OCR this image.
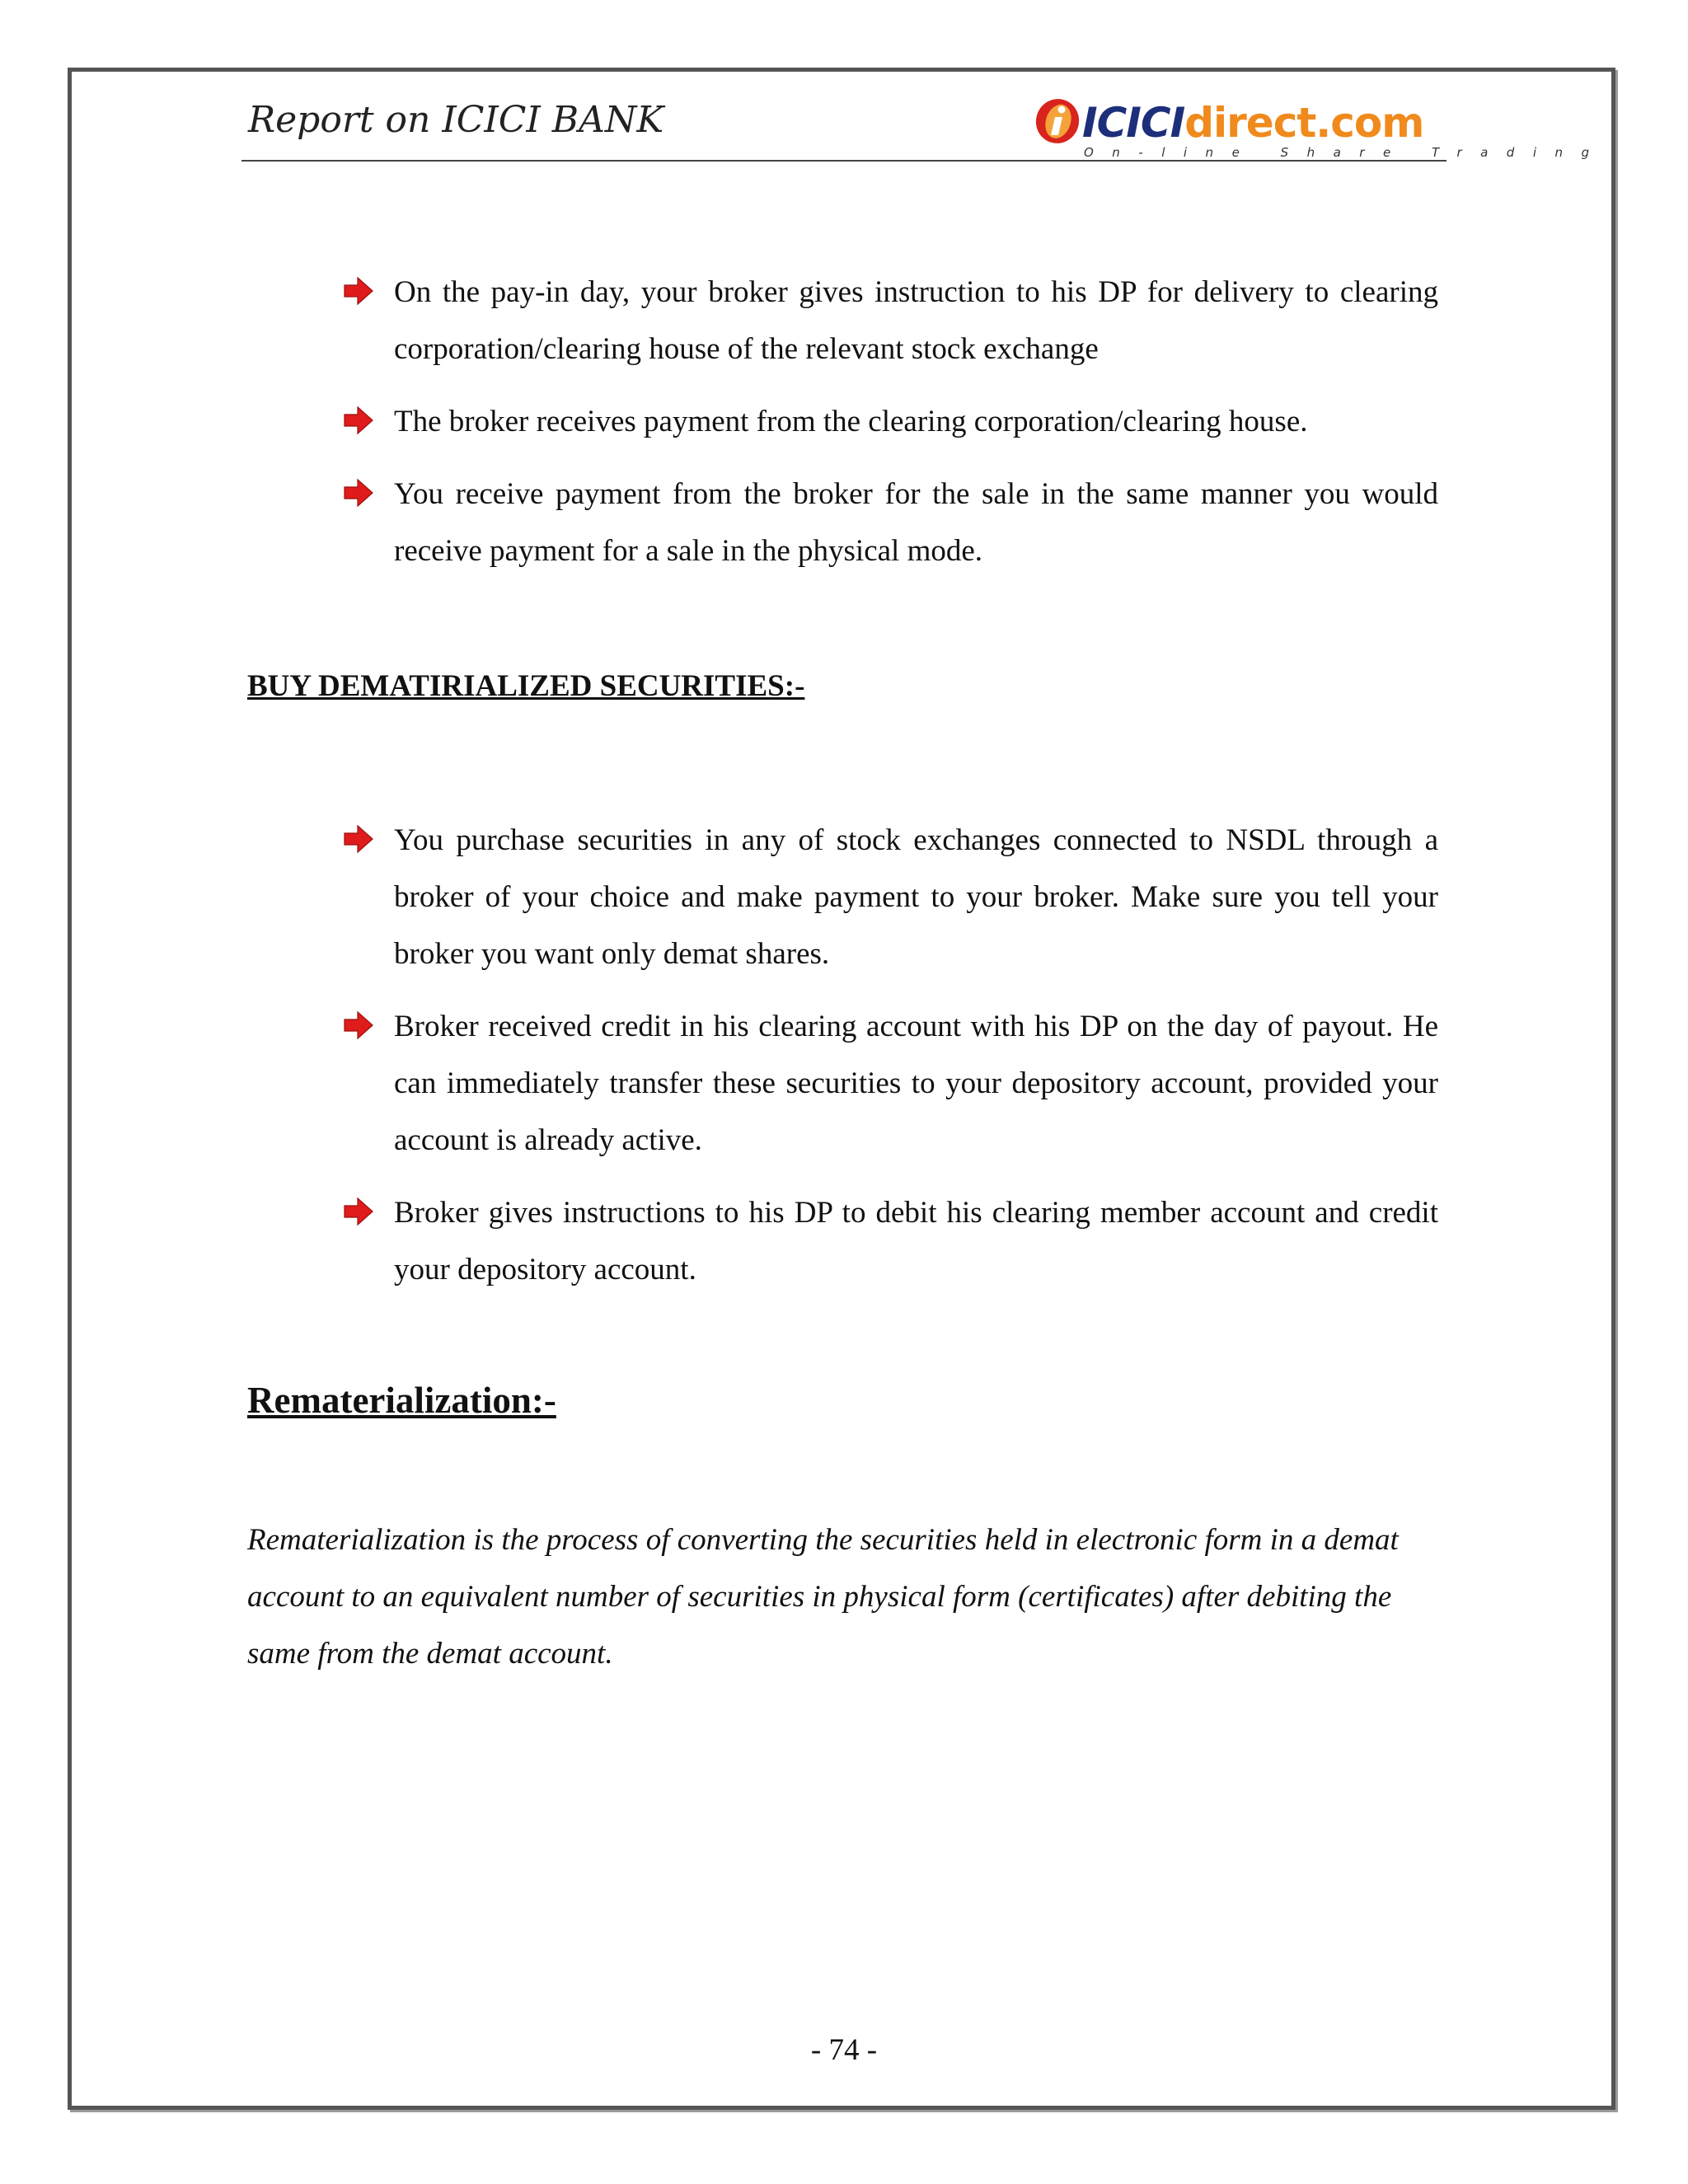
Report on ICICI BANK	ICICIdirect.com
On-line Share Trading
On the pay-in day, your broker gives instruction to his DP for delivery to clearing corporation/clearing house of the relevant stock exchange
The broker receives payment from the clearing corporation/clearing house.
You receive payment from the broker for the sale in the same manner you would receive payment for a sale in the physical mode.
BUY DEMATIRIALIZED SECURITIES:-
You purchase securities in any of stock exchanges connected to NSDL through a broker of your choice and make payment to your broker. Make sure you tell your broker you want only demat shares.
Broker received credit in his clearing account with his DP on the day of payout. He can immediately transfer these securities to your depository account, provided your account is already active.
Broker gives instructions to his DP to debit his clearing member account and credit your depository account.
Rematerialization:-

Rematerialization is the process of converting the securities held in electronic form in a demat account to an equivalent number of securities in physical form (certificates) after debiting the same from the demat account.

- 74 -
